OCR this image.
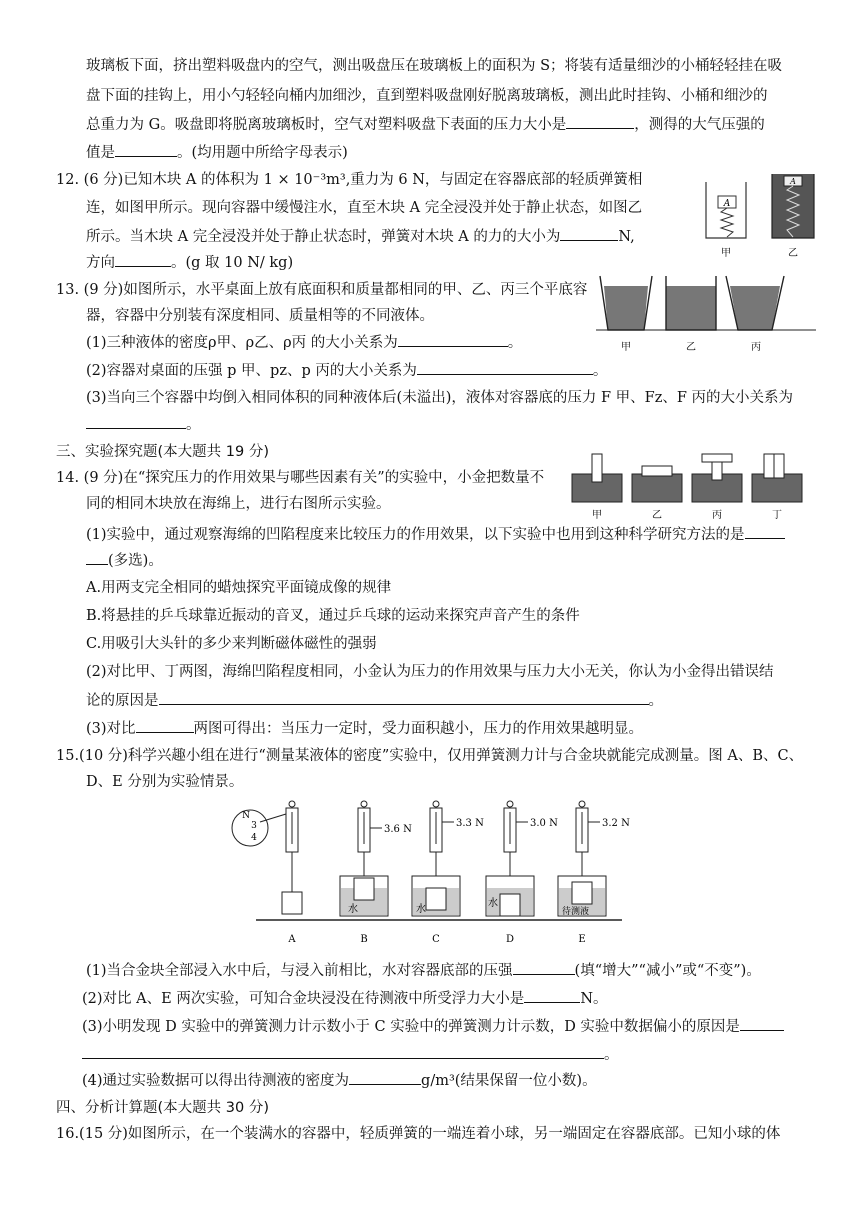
玻璃板下面，挤出塑料吸盘内的空气，测出吸盘压在玻璃板上的面积为 S；将装有适量细沙的小桶轻轻挂在吸
盘下面的挂钩上，用小勺轻轻向桶内加细沙，直到塑料吸盘刚好脱离玻璃板，测出此时挂钩、小桶和细沙的
总重力为 G。吸盘即将脱离玻璃板时，空气对塑料吸盘下表面的压力大小是	，测得的大气压强的
值是	。(均用题中所给字母表示)
12. (6 分)已知木块 A 的体积为 1 × 10⁻³m³,重力为 6 N，与固定在容器底部的轻质弹簧相
连，如图甲所示。现向容器中缓慢注水，直至木块 A 完全浸没并处于静止状态，如图乙
所示。当木块 A 完全浸没并处于静止状态时，弹簧对木块 A 的力的大小为	N,
方向	。(g 取 10 N/ kg)
A
A
甲	乙
13. (9 分)如图所示，水平桌面上放有底面积和质量都相同的甲、乙、丙三个平底容
器，容器中分别装有深度相同、质量相等的不同液体。
(1)三种液体的密度ρ甲、ρ乙、ρ丙 的大小关系为	。
(2)容器对桌面的压强 p 甲、pz、p 丙的大小关系为	。
(3)当向三个容器中均倒入相同体积的同种液体后(未溢出)，液体对容器底的压力 F 甲、Fz、F 丙的大小关系为
。
甲	乙	丙
三、实验探究题(本大题共 19 分)
14. (9 分)在“探究压力的作用效果与哪些因素有关”的实验中，小金把数量不
同的相同木块放在海绵上，进行右图所示实验。
(1)实验中，通过观察海绵的凹陷程度来比较压力的作用效果，以下实验中也用到这种科学研究方法的是
(多选)。
A.用两支完全相同的蜡烛探究平面镜成像的规律
B.将悬挂的乒乓球靠近振动的音叉，通过乒乓球的运动来探究声音产生的条件
C.用吸引大头针的多少来判断磁体磁性的强弱
(2)对比甲、丁两图，海绵凹陷程度相同，小金认为压力的作用效果与压力大小无关，你认为小金得出错误结
论的原因是	。
(3)对比	两图可得出：当压力一定时，受力面积越小，压力的作用效果越明显。
甲	乙	丙	丁
15.(10 分)科学兴趣小组在进行“测量某液体的密度”实验中，仅用弹簧测力计与合金块就能完成测量。图 A、B、C、
D、E 分别为实验情景。
N
3
4
3.6 N
水
3.3 N
水
3.0 N
水
3.2 N
待测液
A	B	C	D	E
(1)当合金块全部浸入水中后，与浸入前相比，水对容器底部的压强	(填“增大”“减小”或“不变”)。
(2)对比 A、E 两次实验，可知合金块浸没在待测液中所受浮力大小是	N。
(3)小明发现 D 实验中的弹簧测力计示数小于 C 实验中的弹簧测力计示数，D 实验中数据偏小的原因是
。
(4)通过实验数据可以得出待测液的密度为	g/m³(结果保留一位小数)。
四、分析计算题(本大题共 30 分)
16.(15 分)如图所示，在一个装满水的容器中，轻质弹簧的一端连着小球，另一端固定在容器底部。已知小球的体
